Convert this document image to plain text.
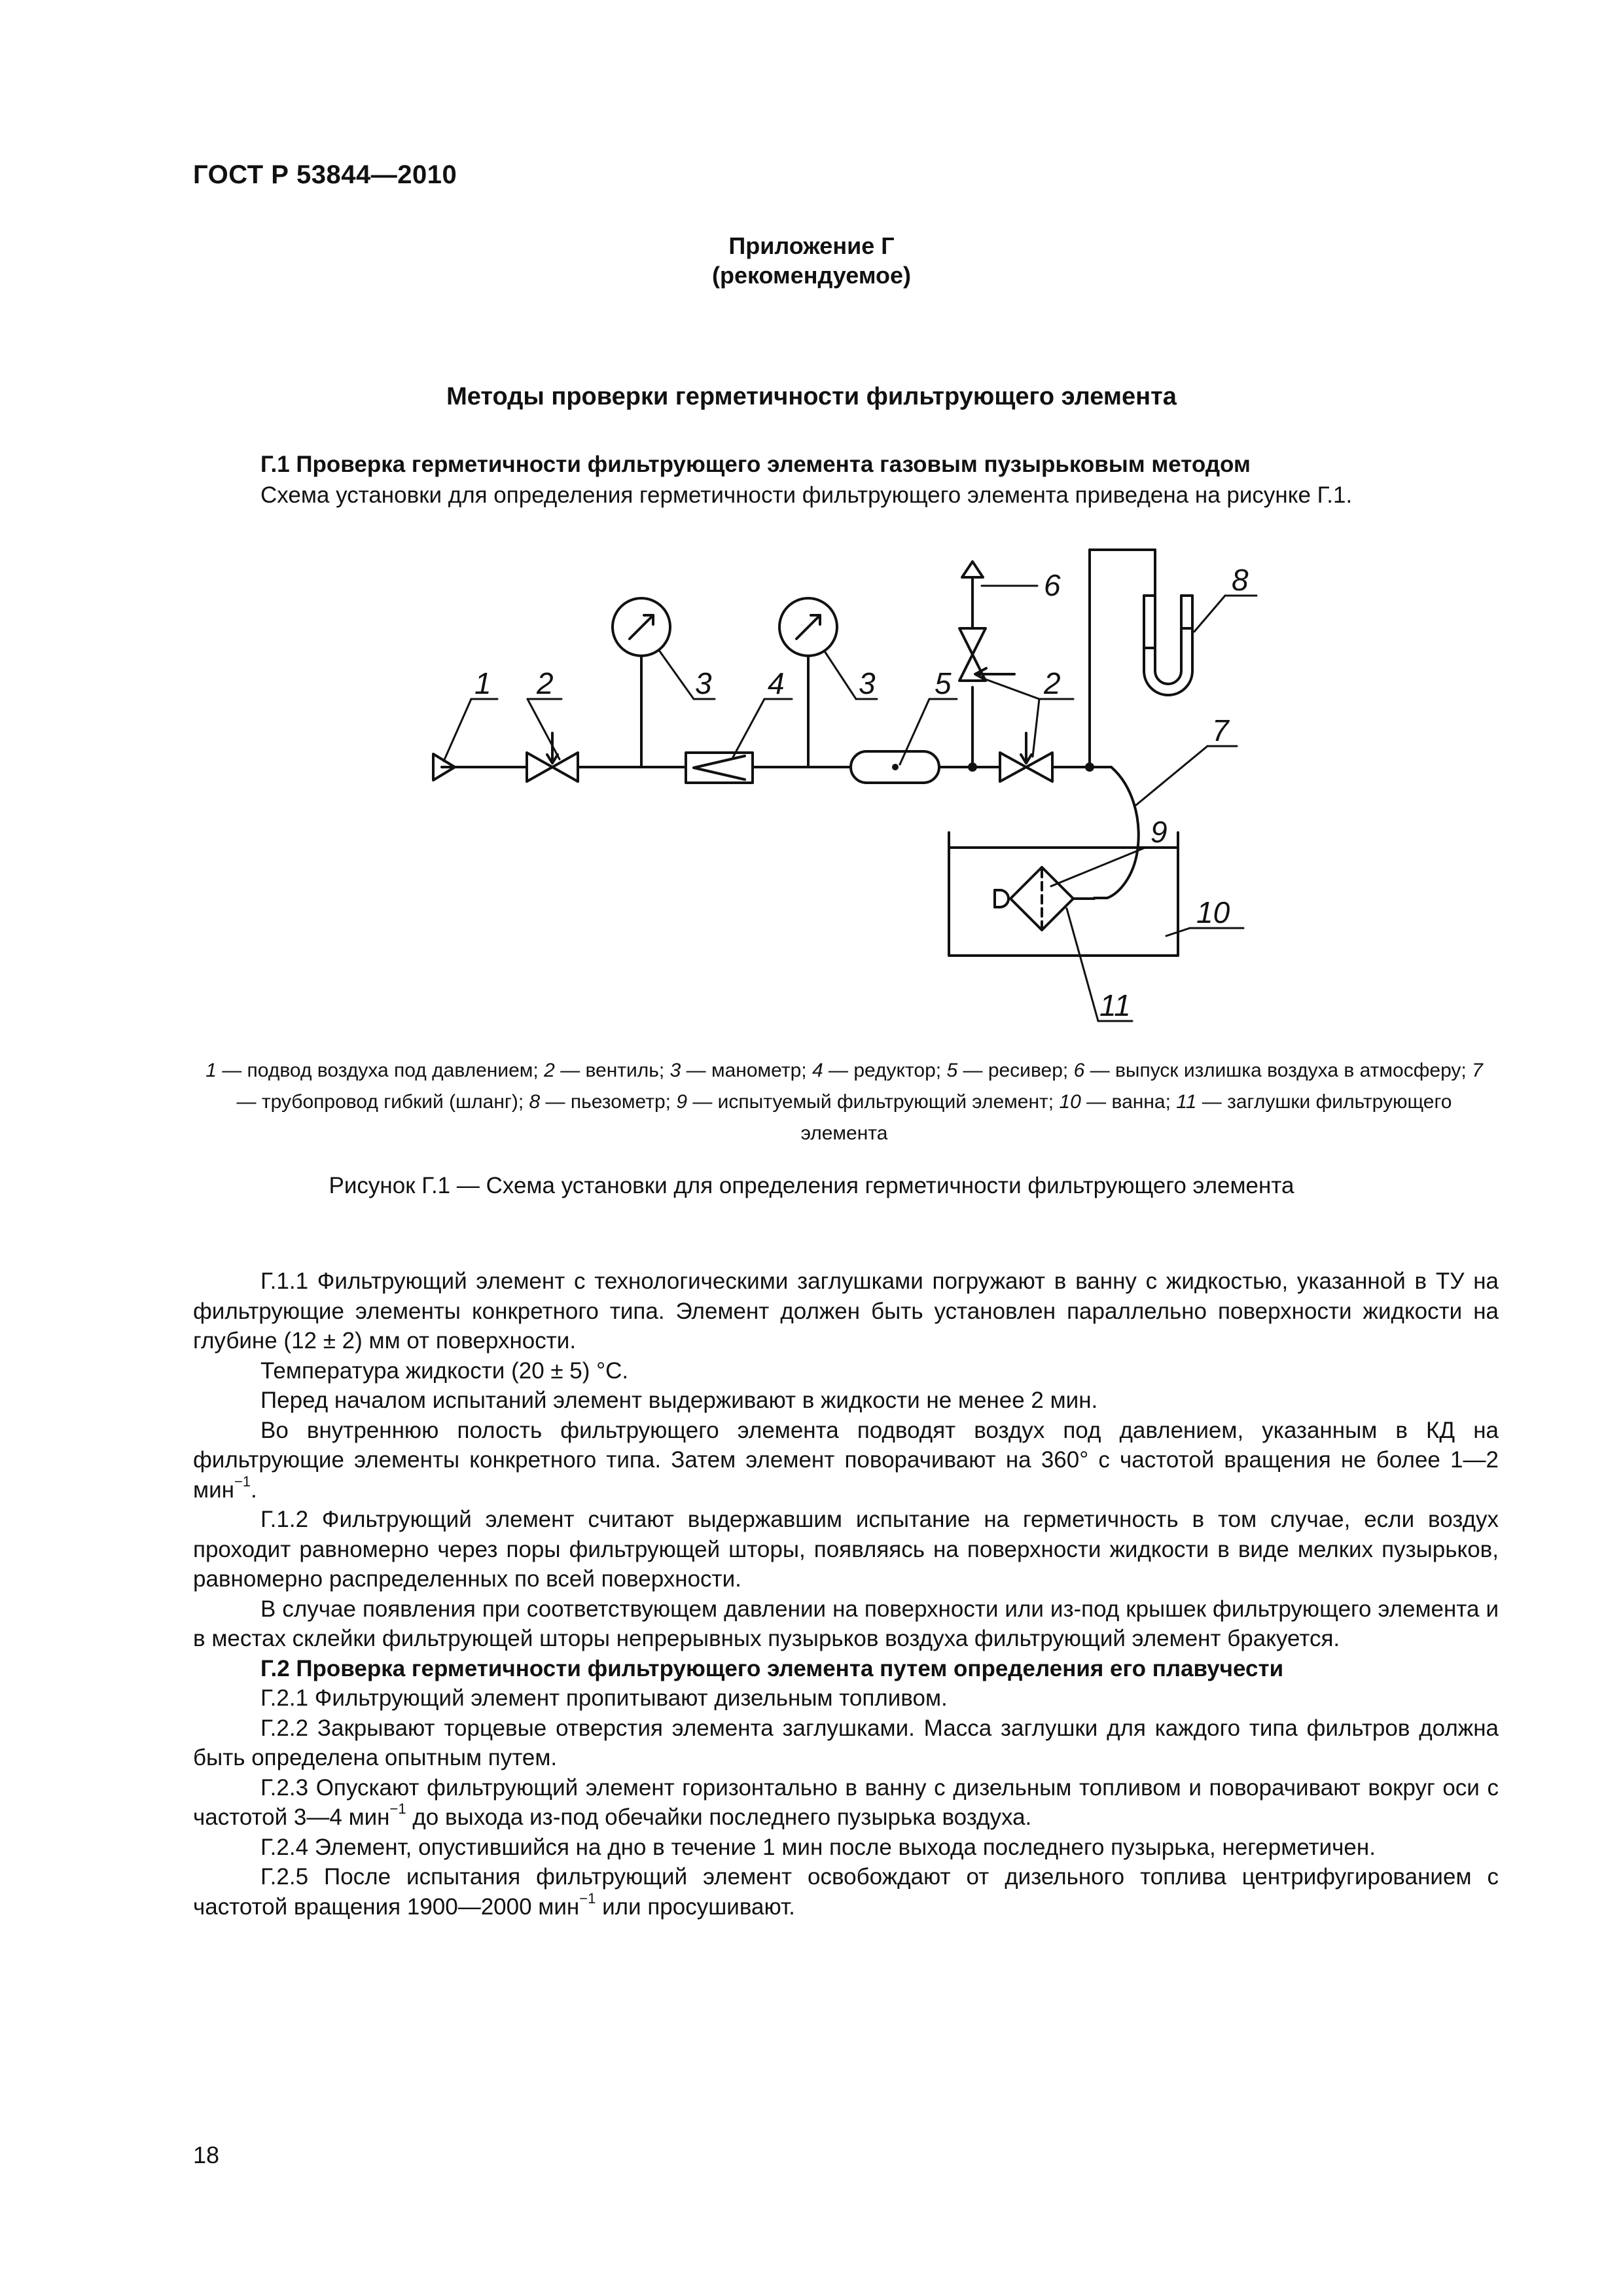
ГОСТ Р 53844—2010
Приложение Г
(рекомендуемое)
Методы проверки герметичности фильтрующего элемента
Г.1 Проверка герметичности фильтрующего элемента газовым пузырьковым методом
Схема установки для определения герметичности фильтрующего элемента приведена на рисунке Г.1.
1 2	3 4 3 5
6
2
8
7
9
10
11
1 — подвод воздуха под давлением; 2 — вентиль; 3 — манометр; 4 — редуктор; 5 — ресивер; 6 — выпуск излишка воздуха в атмосферу; 7 — трубопровод гибкий (шланг); 8 — пьезометр; 9 — испытуемый фильтрующий элемент; 10 — ванна; 11 — заглушки фильтрующего элемента
Рисунок Г.1 — Схема установки для определения герметичности фильтрующего элемента

Г.1.1 Фильтрующий элемент с технологическими заглушками погружают в ванну с жидкостью, указанной в ТУ на фильтрующие элементы конкретного типа. Элемент должен быть установлен параллельно поверхности жидкости на глубине (12 ± 2) мм от поверхности.

Температура жидкости (20 ± 5) °С.

Перед началом испытаний элемент выдерживают в жидкости не менее 2 мин.

Во внутреннюю полость фильтрующего элемента подводят воздух под давлением, указанным в КД на фильтрующие элементы конкретного типа. Затем элемент поворачивают на 360° с частотой вращения не более 1—2 мин$^{-1}$.

Г.1.2 Фильтрующий элемент считают выдержавшим испытание на герметичность в том случае, если воздух проходит равномерно через поры фильтрующей шторы, появляясь на поверхности жидкости в виде мелких пузырьков, равномерно распределенных по всей поверхности.

В случае появления при соответствующем давлении на поверхности или из-под крышек фильтрующего элемента и в местах склейки фильтрующей шторы непрерывных пузырьков воздуха фильтрующий элемент бракуется.

Г.2 Проверка герметичности фильтрующего элемента путем определения его плавучести

Г.2.1 Фильтрующий элемент пропитывают дизельным топливом.

Г.2.2 Закрывают торцевые отверстия элемента заглушками. Масса заглушки для каждого типа фильтров должна быть определена опытным путем.

Г.2.3 Опускают фильтрующий элемент горизонтально в ванну с дизельным топливом и поворачивают вокруг оси с частотой 3—4 мин$^{-1}$ до выхода из-под обечайки последнего пузырька воздуха.

Г.2.4 Элемент, опустившийся на дно в течение 1 мин после выхода последнего пузырька, негерметичен.

Г.2.5 После испытания фильтрующий элемент освобождают от дизельного топлива центрифугированием с частотой вращения 1900—2000 мин$^{-1}$ или просушивают.

18
